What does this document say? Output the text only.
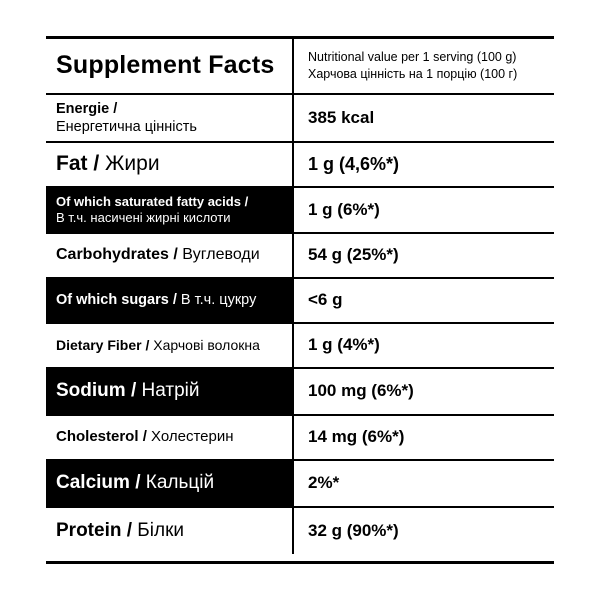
Supplement Facts	Nutritional value per 1 serving (100 g)
Харчова цінність на 1 порцію (100 г)

Energie /
Енергетична цінність	385 kcal

Fat / Жири	1 g (4,6%*)

Of which saturated fatty acids /
В т.ч. насичені жирні кислоти	1 g (6%*)

Carbohydrates / Вуглеводи	54 g (25%*)

Of which sugars / В т.ч. цукру	<6 g

Dietary Fiber / Харчові волокна	1 g (4%*)

Sodium / Натрій	100 mg (6%*)

Cholesterol / Холестерин	14 mg (6%*)

Calcium / Кальцій	2%*

Protein / Білки	32 g (90%*)
